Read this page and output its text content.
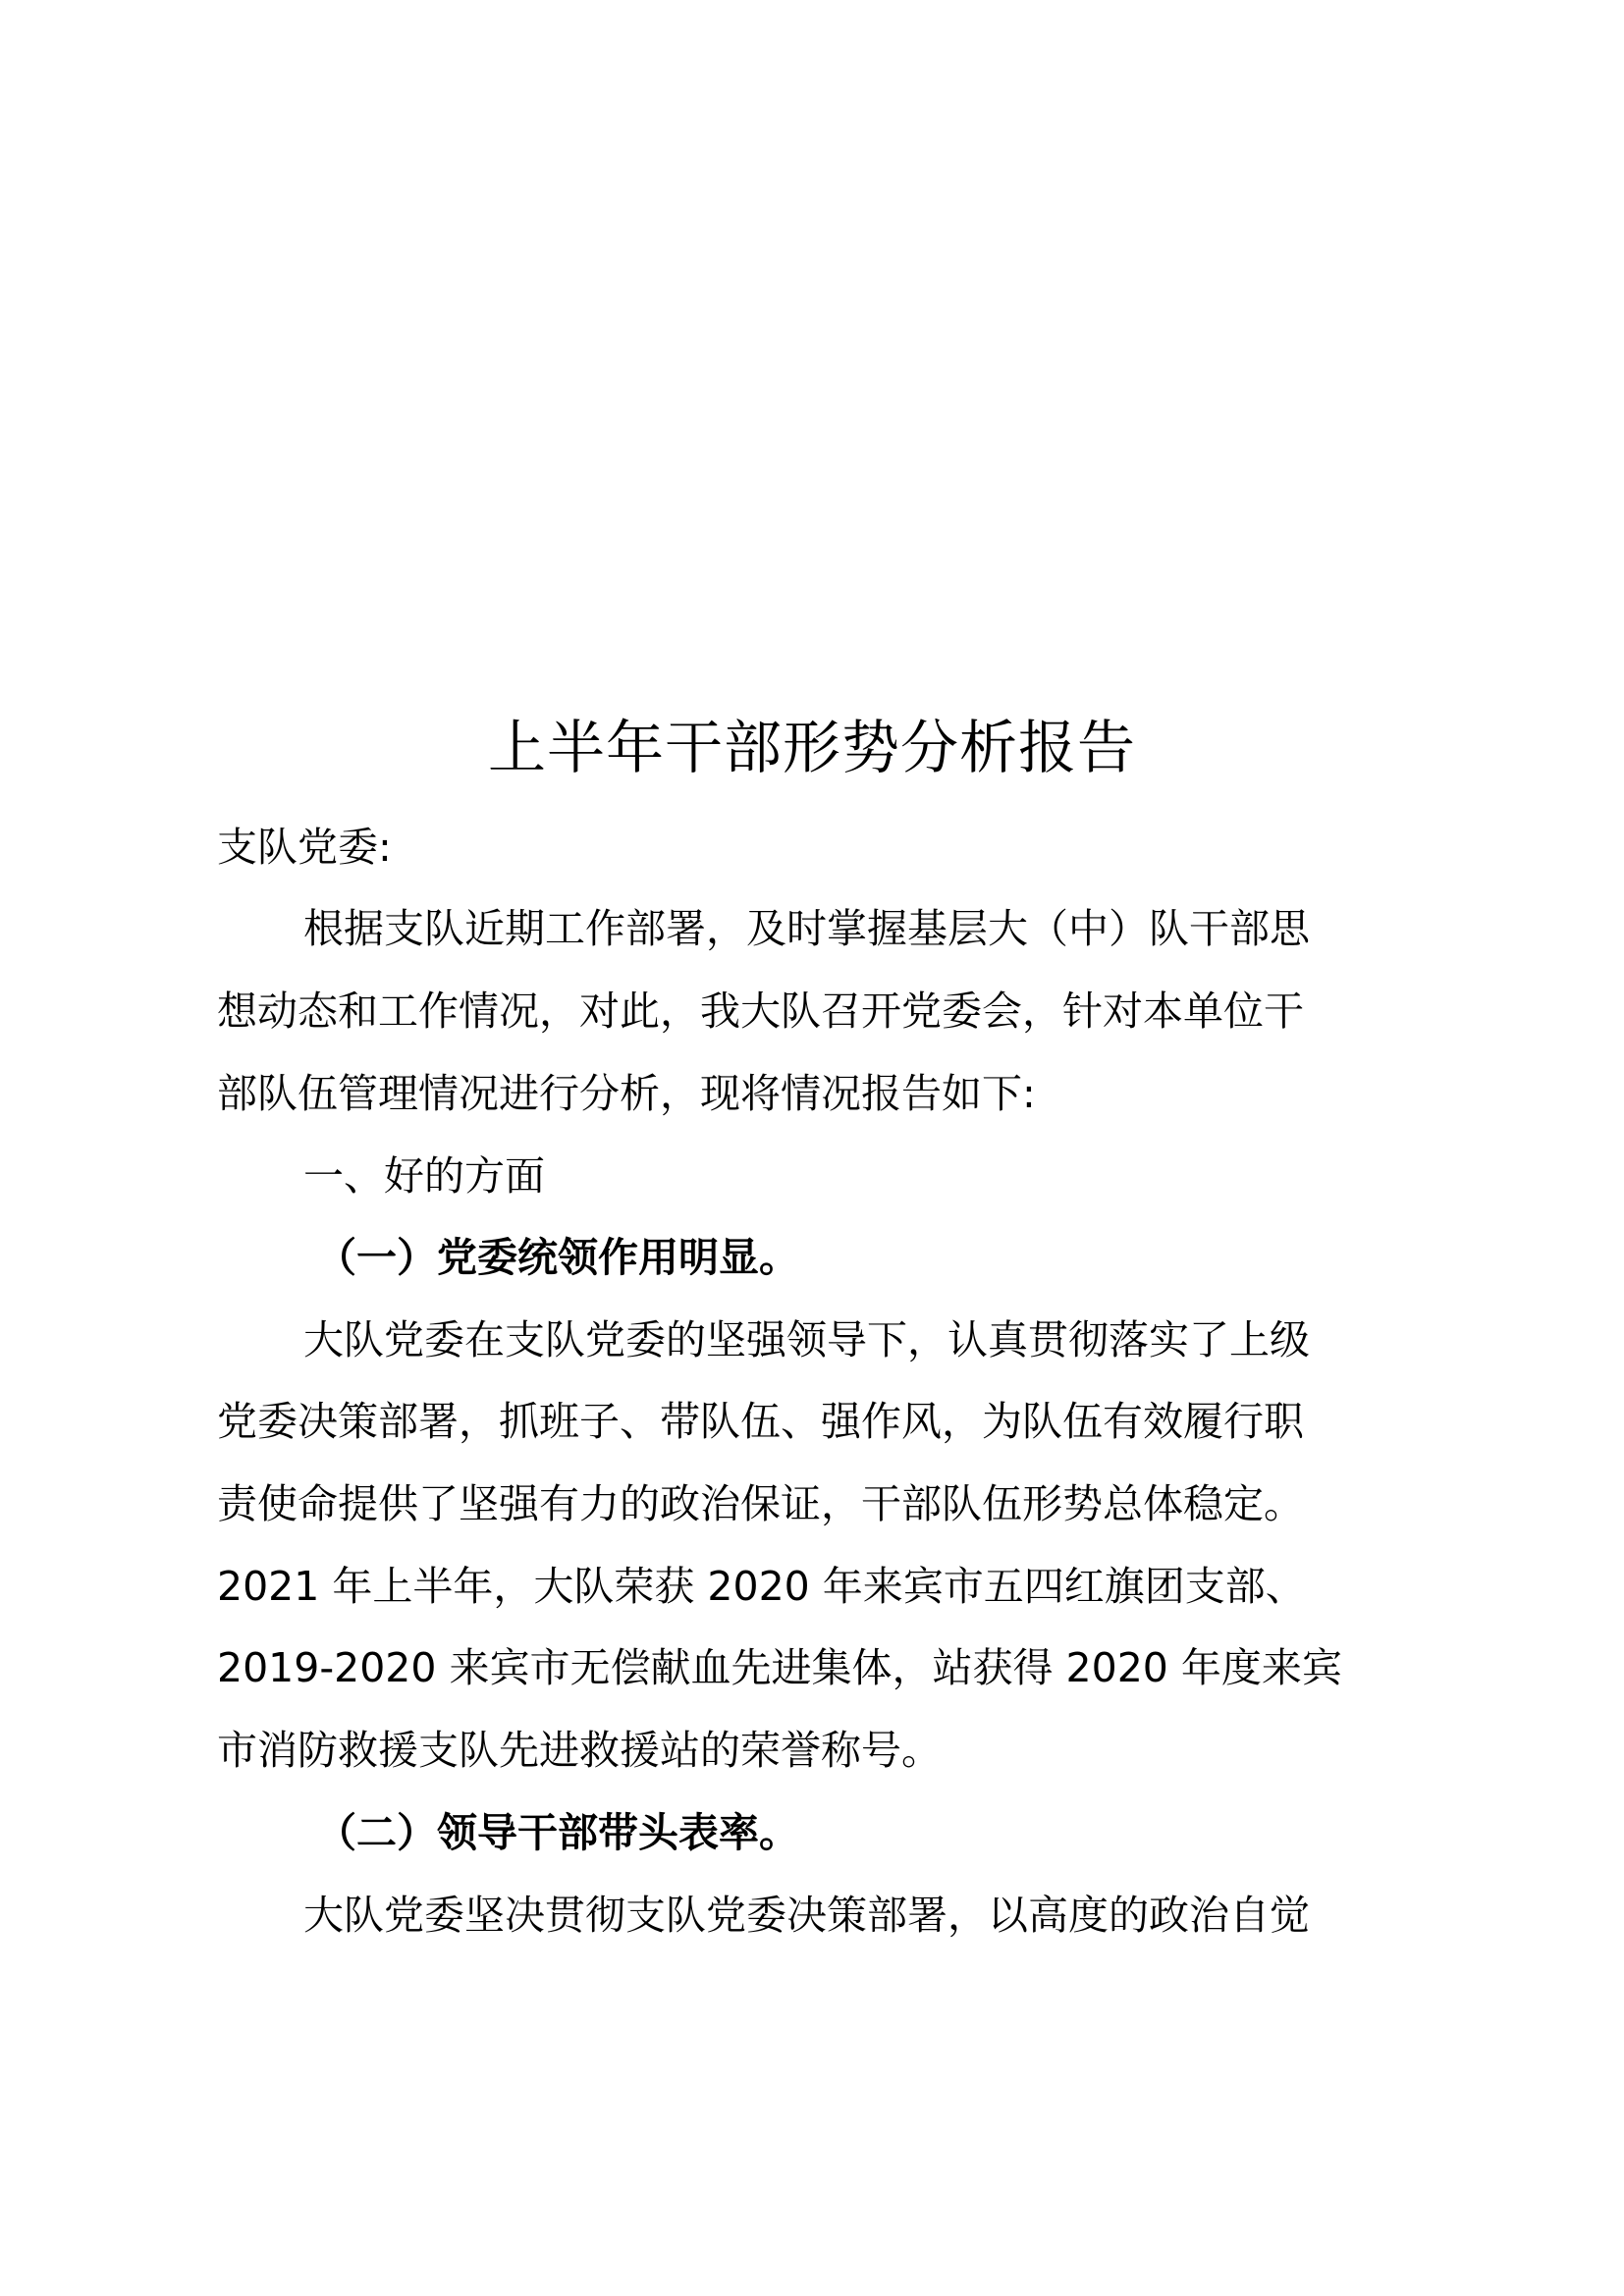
上半年干部形势分析报告

支队党委:

根据支队近期工作部署，及时掌握基层大（中）队干部思

想动态和工作情况，对此，我大队召开党委会，针对本单位干

部队伍管理情况进行分析，现将情况报告如下:

一、好的方面

（一）党委统领作用明显。

大队党委在支队党委的坚强领导下，认真贯彻落实了上级

党委决策部署，抓班子、带队伍、强作风，为队伍有效履行职

责使命提供了坚强有力的政治保证，干部队伍形势总体稳定。

2021 年上半年，大队荣获 2020 年来宾市五四红旗团支部、

2019-2020 来宾市无偿献血先进集体，站获得 2020 年度来宾

市消防救援支队先进救援站的荣誉称号。

（二）领导干部带头表率。

大队党委坚决贯彻支队党委决策部署，以高度的政治自觉
